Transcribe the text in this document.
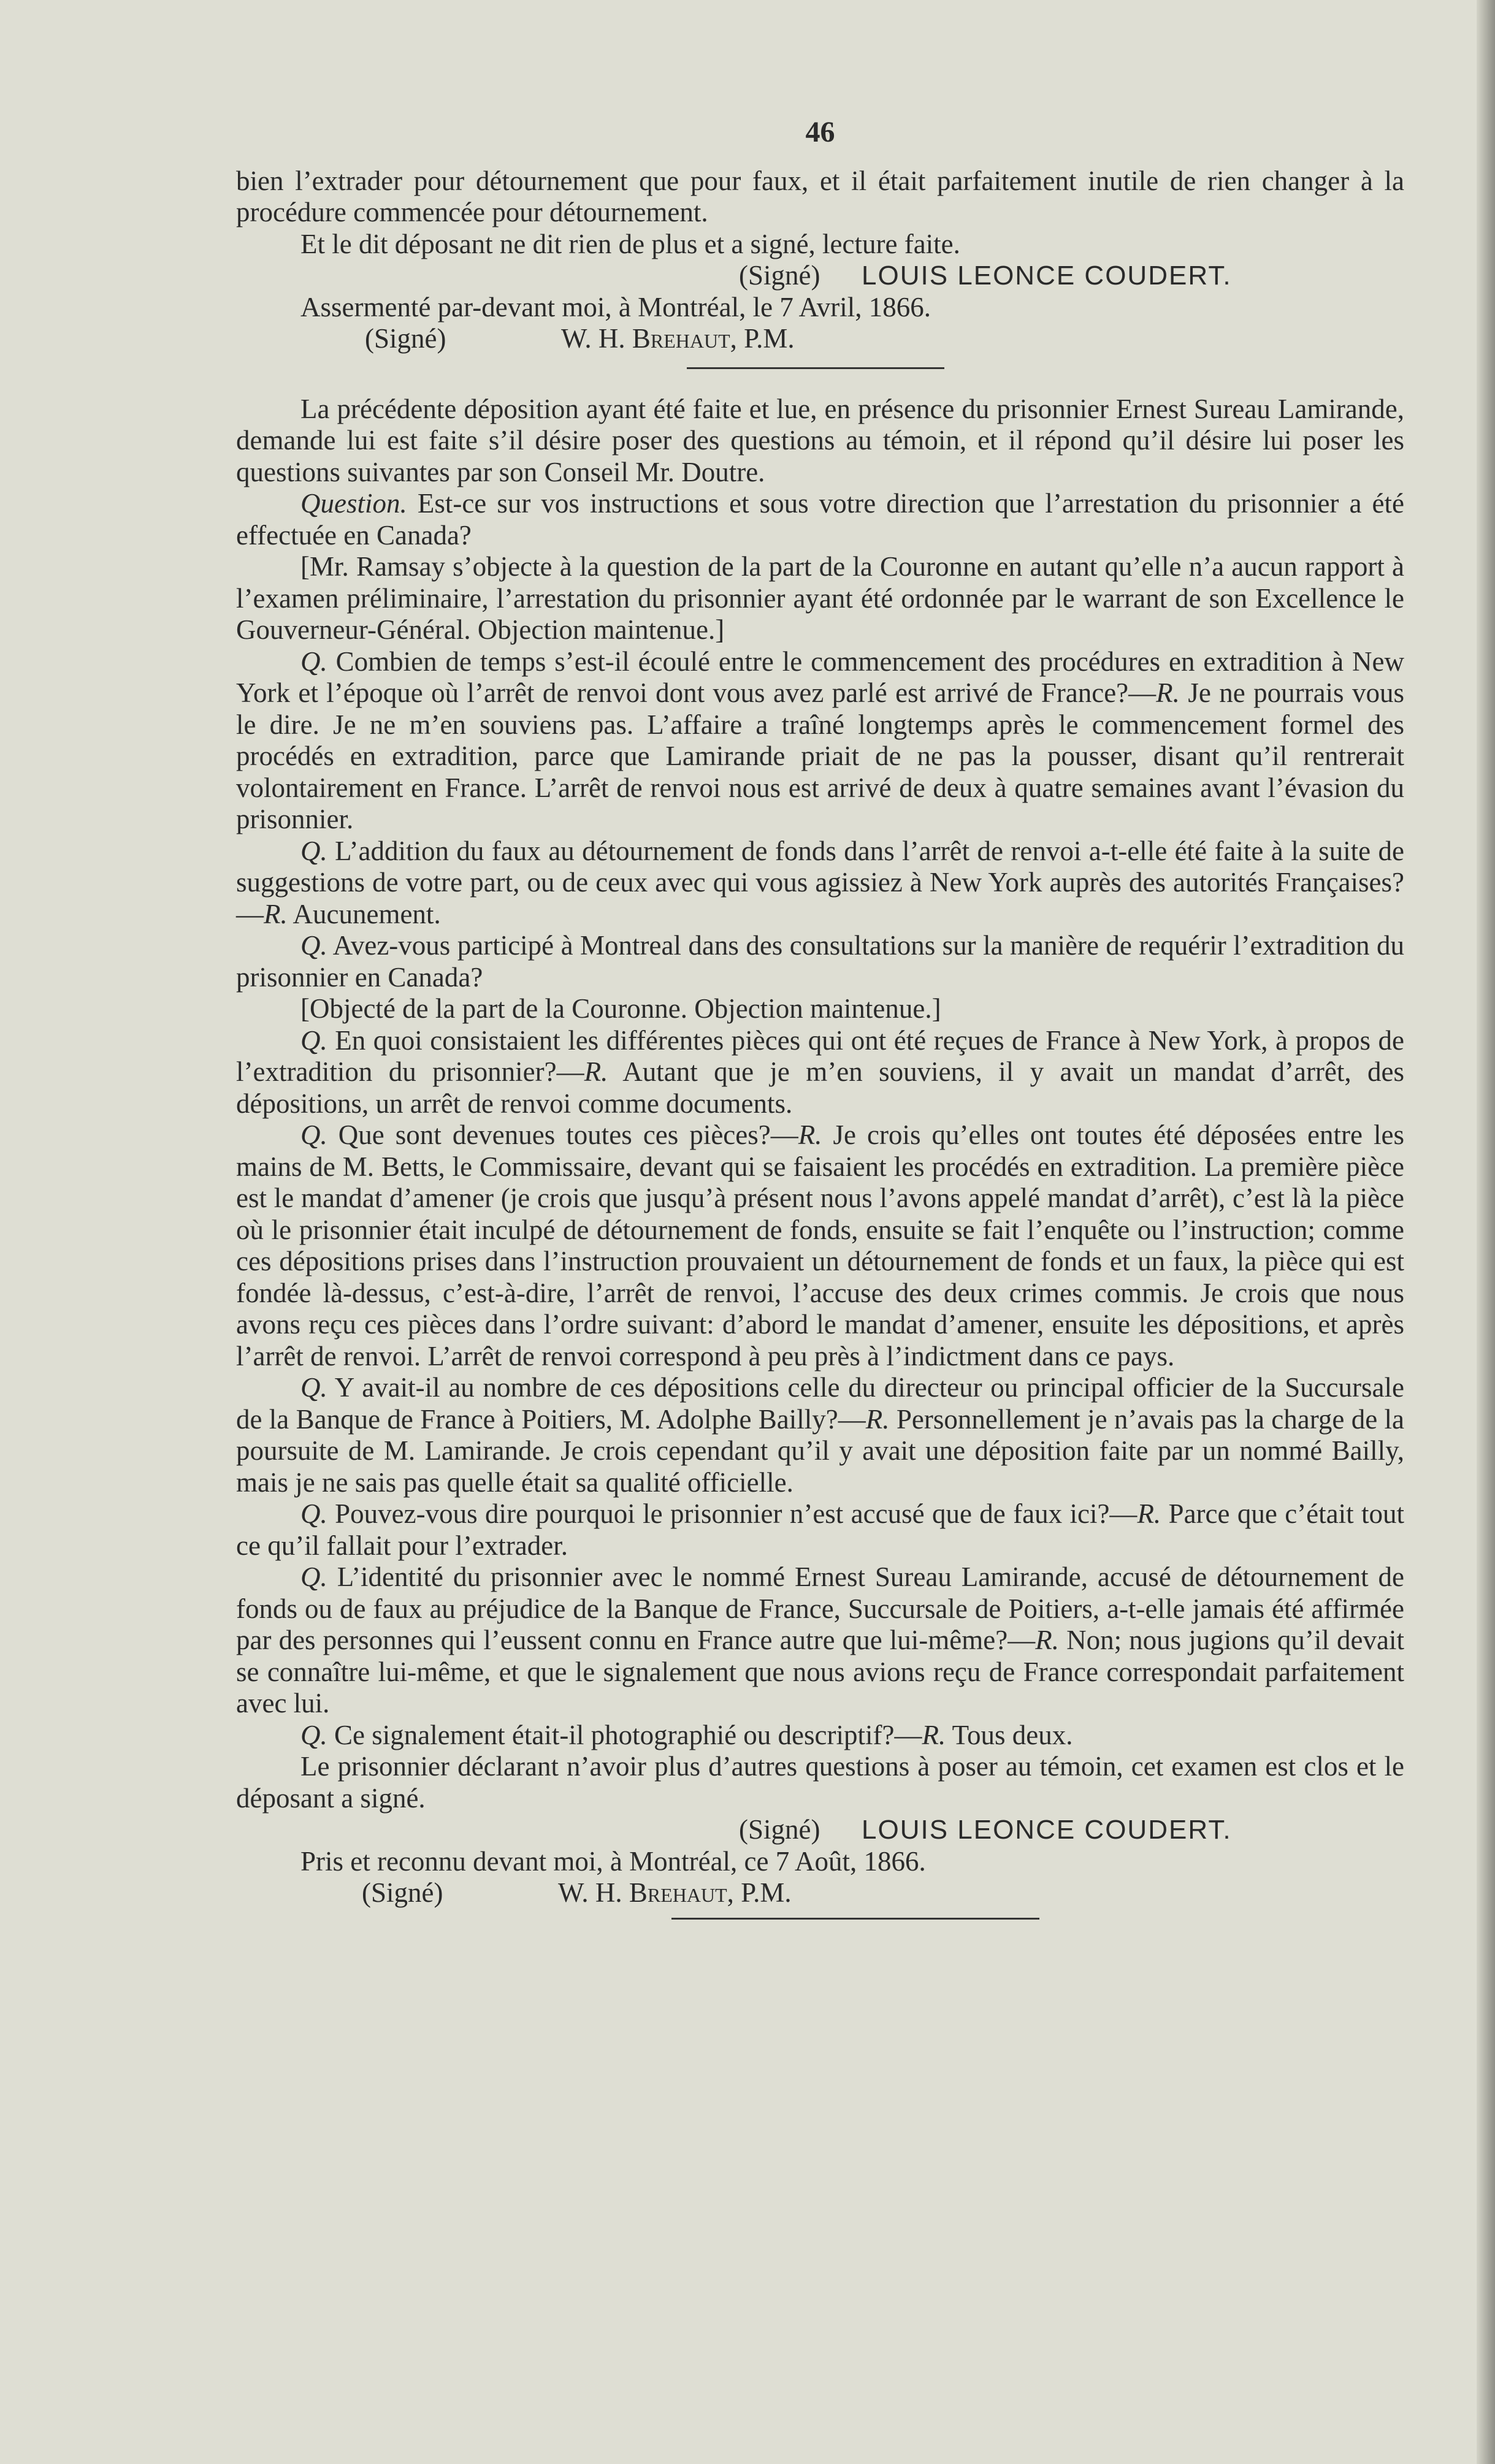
46

bien l’extrader pour détournement que pour faux, et il était parfaitement inutile de rien changer à la procédure commencée pour détournement.

Et le dit déposant ne dit rien de plus et a signé, lecture faite.

(Signé)	LOUIS LEONCE COUDERT.

Assermenté par-devant moi, à Montréal, le 7 Avril, 1866.

(Signé)	W. H. Brehaut, P.M.

La précédente déposition ayant été faite et lue, en présence du prisonnier Ernest Sureau Lamirande, demande lui est faite s’il désire poser des questions au témoin, et il répond qu’il désire lui poser les questions suivantes par son Conseil Mr. Doutre.

Question. Est-ce sur vos instructions et sous votre direction que l’arrestation du prisonnier a été effectuée en Canada?

[Mr. Ramsay s’objecte à la question de la part de la Couronne en autant qu’elle n’a aucun rapport à l’examen préliminaire, l’arrestation du prisonnier ayant été ordonnée par le warrant de son Excellence le Gouverneur-Général. Objection maintenue.]

Q. Combien de temps s’est-il écoulé entre le commencement des procédures en extradition à New York et l’époque où l’arrêt de renvoi dont vous avez parlé est arrivé de France?—R. Je ne pourrais vous le dire. Je ne m’en souviens pas. L’affaire a traîné longtemps après le commencement formel des procédés en extradition, parce que Lamirande priait de ne pas la pousser, disant qu’il rentrerait volontairement en France. L’arrêt de renvoi nous est arrivé de deux à quatre semaines avant l’évasion du prisonnier.

Q. L’addition du faux au détournement de fonds dans l’arrêt de renvoi a-t-elle été faite à la suite de suggestions de votre part, ou de ceux avec qui vous agissiez à New York auprès des autorités Françaises?—R. Aucunement.

Q. Avez-vous participé à Montreal dans des consultations sur la manière de requérir l’extradition du prisonnier en Canada?

[Objecté de la part de la Couronne. Objection maintenue.]

Q. En quoi consistaient les différentes pièces qui ont été reçues de France à New York, à propos de l’extradition du prisonnier?—R. Autant que je m’en souviens, il y avait un mandat d’arrêt, des dépositions, un arrêt de renvoi comme documents.

Q. Que sont devenues toutes ces pièces?—R. Je crois qu’elles ont toutes été déposées entre les mains de M. Betts, le Commissaire, devant qui se faisaient les procédés en extradition. La première pièce est le mandat d’amener (je crois que jusqu’à présent nous l’avons appelé mandat d’arrêt), c’est là la pièce où le prisonnier était inculpé de détournement de fonds, ensuite se fait l’enquête ou l’instruction; comme ces dépositions prises dans l’instruction prouvaient un détournement de fonds et un faux, la pièce qui est fondée là-dessus, c’est-à-dire, l’arrêt de renvoi, l’accuse des deux crimes commis. Je crois que nous avons reçu ces pièces dans l’ordre suivant: d’abord le mandat d’amener, ensuite les dépositions, et après l’arrêt de renvoi. L’arrêt de renvoi correspond à peu près à l’indictment dans ce pays.

Q. Y avait-il au nombre de ces dépositions celle du directeur ou principal officier de la Succursale de la Banque de France à Poitiers, M. Adolphe Bailly?—R. Personnellement je n’avais pas la charge de la poursuite de M. Lamirande. Je crois cependant qu’il y avait une déposition faite par un nommé Bailly, mais je ne sais pas quelle était sa qualité officielle.

Q. Pouvez-vous dire pourquoi le prisonnier n’est accusé que de faux ici?—R. Parce que c’était tout ce qu’il fallait pour l’extrader.

Q. L’identité du prisonnier avec le nommé Ernest Sureau Lamirande, accusé de détournement de fonds ou de faux au préjudice de la Banque de France, Succursale de Poitiers, a-t-elle jamais été affirmée par des personnes qui l’eussent connu en France autre que lui-même?—R. Non; nous jugions qu’il devait se connaître lui-même, et que le signalement que nous avions reçu de France correspondait parfaitement avec lui.

Q. Ce signalement était-il photographié ou descriptif?—R. Tous deux.

Le prisonnier déclarant n’avoir plus d’autres questions à poser au témoin, cet examen est clos et le déposant a signé.

(Signé)	LOUIS LEONCE COUDERT.

Pris et reconnu devant moi, à Montréal, ce 7 Août, 1866.

(Signé)	W. H. Brehaut, P.M.
